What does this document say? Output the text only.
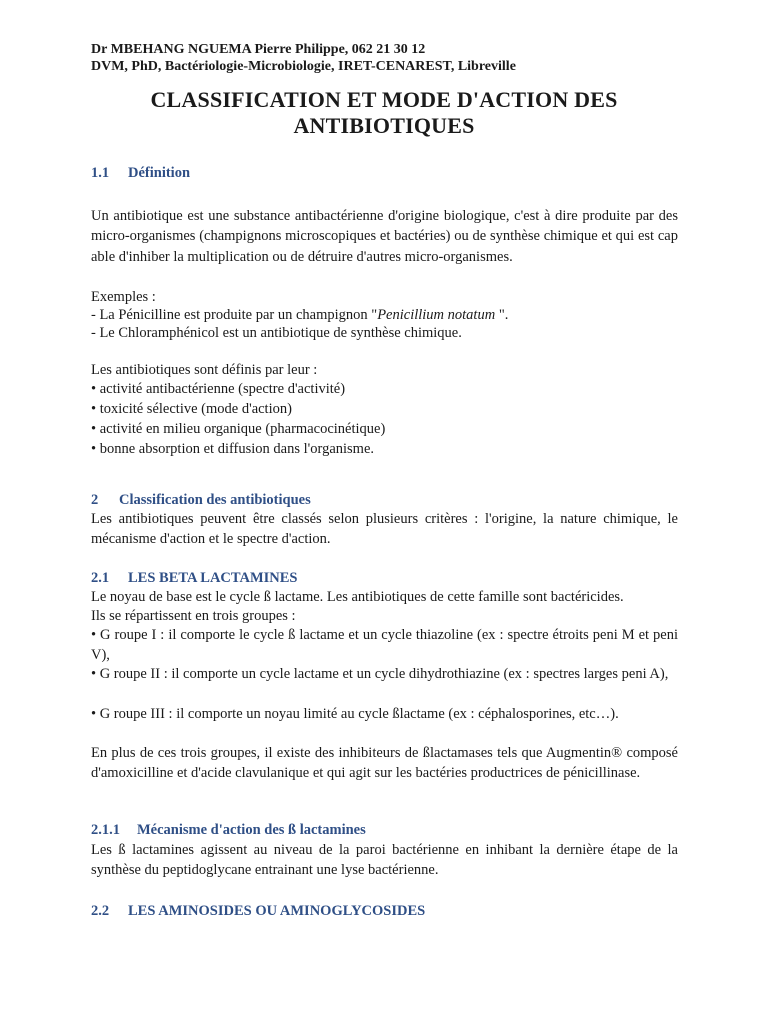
Dr MBEHANG NGUEMA Pierre Philippe, 062 21 30 12
DVM, PhD, Bactériologie-Microbiologie, IRET-CENAREST, Libreville
CLASSIFICATION ET MODE D'ACTION DES
ANTIBIOTIQUES
1.1 Définition
Un antibiotique est une substance antibactérienne d'origine biologique, c'est à dire produite par des micro-organismes (champignons microscopiques et bactéries) ou de synthèse chimique et qui est cap able d'inhiber la multiplication ou de détruire d'autres micro-organismes.
Exemples :
- La Pénicilline est produite par un champignon "Penicillium notatum ".
- Le Chloramphénicol est un antibiotique de synthèse chimique.
Les antibiotiques sont définis par leur :
• activité antibactérienne (spectre d'activité)
• toxicité sélective (mode d'action)
• activité en milieu organique (pharmacocinétique)
• bonne absorption et diffusion dans l'organisme.
2 Classification des antibiotiques
Les antibiotiques peuvent être classés selon plusieurs critères : l'origine, la nature chimique, le mécanisme d'action et le spectre d'action.
2.1 LES BETA LACTAMINES
Le noyau de base est le cycle ß lactame. Les antibiotiques de cette famille sont bactéricides.
Ils se répartissent en trois groupes :
• G roupe I : il comporte le cycle ß lactame et un cycle thiazoline (ex : spectre étroits peni M et peni V),
• G roupe II : il comporte un cycle lactame et un cycle dihydrothiazine (ex : spectres larges peni A),
• G roupe III : il comporte un noyau limité au cycle ßlactame (ex : céphalosporines, etc…).
En plus de ces trois groupes, il existe des inhibiteurs de ßlactamases tels que Augmentin® composé d'amoxicilline et d'acide clavulanique et qui agit sur les bactéries productrices de pénicillinase.
2.1.1 Mécanisme d'action des ß lactamines
Les ß lactamines agissent au niveau de la paroi bactérienne en inhibant la dernière étape de la synthèse du peptidoglycane entrainant une lyse bactérienne.
2.2 LES AMINOSIDES OU AMINOGLYCOSIDES
